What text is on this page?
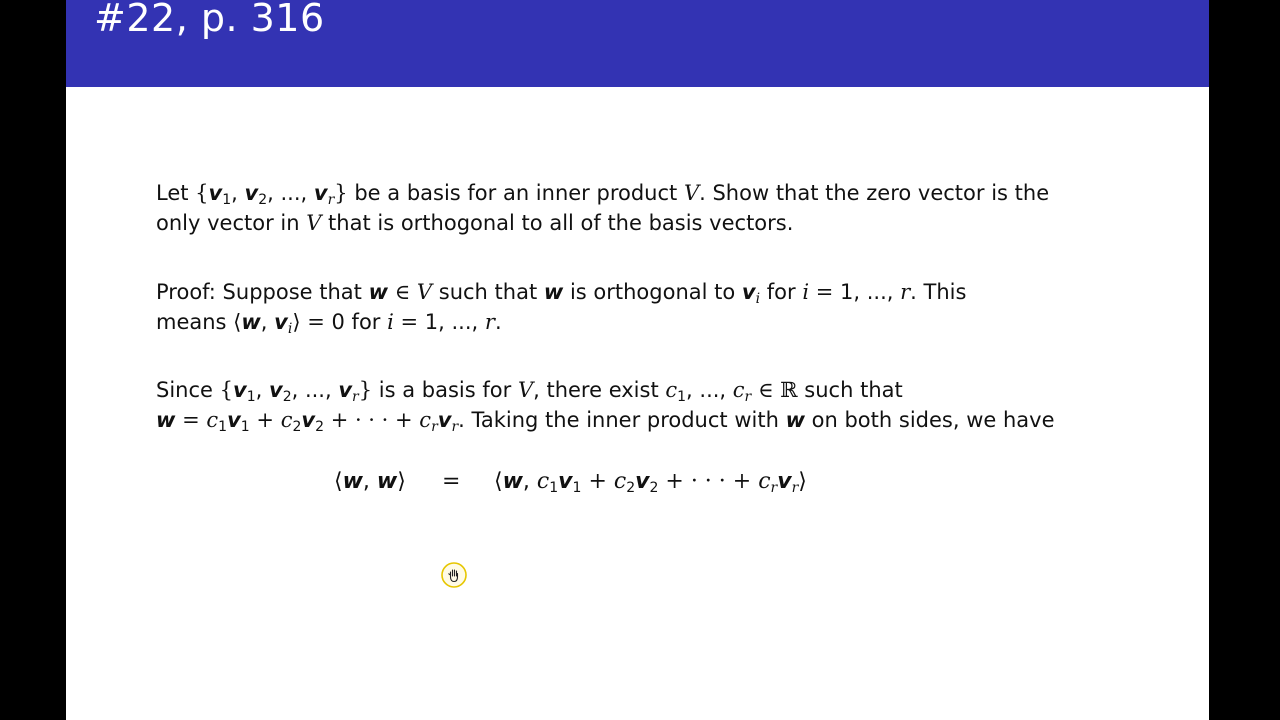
#22, p. 316
Let {$v_1$, $v_2$, ..., $v_r$} be a basis for an inner product V. Show that the zero vector is the
only vector in V that is orthogonal to all of the basis vectors.
Proof: Suppose that w ∈ V such that w is orthogonal to $v_i$ for i = 1, ..., r. This
means ⟨w, $v_i⟩ = 0$ for i = 1, ..., r.
Since {$v_1$, $v_2$, ..., $v_r$} is a basis for V, there exist $c_1$, ..., $c_r$ ∈ ℝ such that
$w = c_1v_1 + c_2v_2$ + · · · + $c_rv_r$. Taking the inner product with w on both sides, we have
⟨w, w⟩ = ⟨w, $c_1v_1 + c_2v_2$ + · · · + $c_rv_r⟩$
